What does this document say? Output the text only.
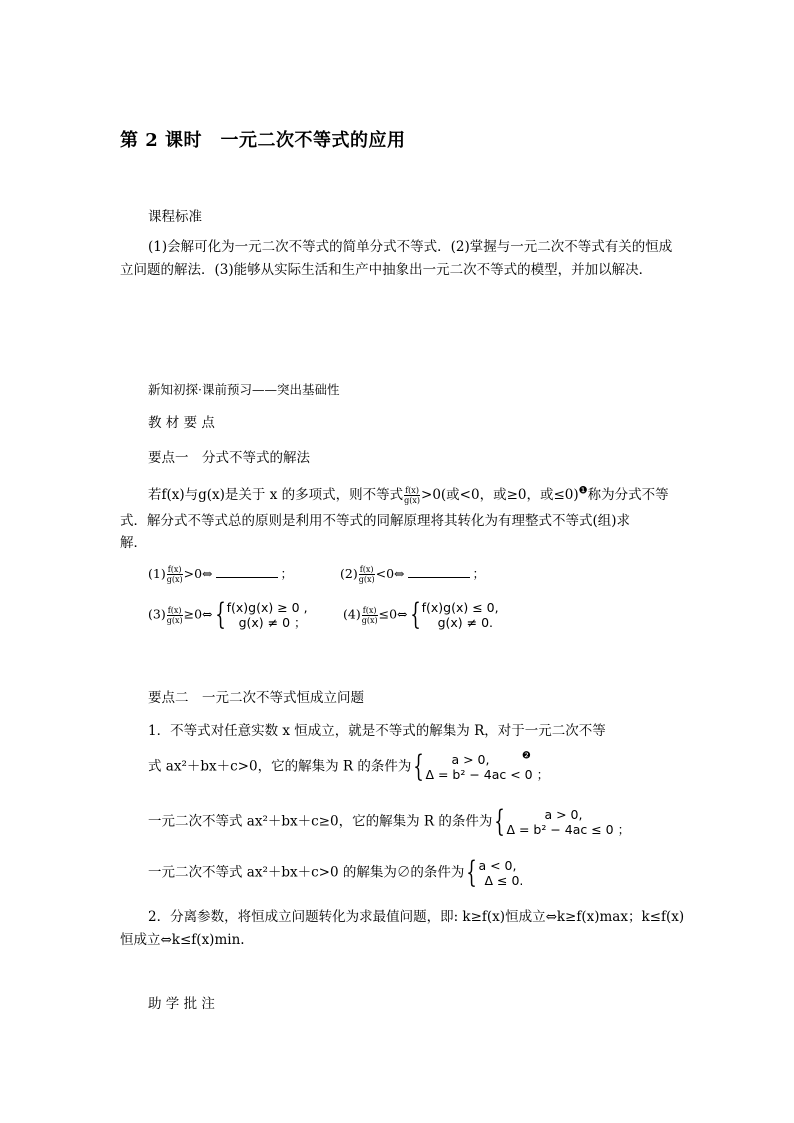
第 2 课时　一元二次不等式的应用
课程标准
(1)会解可化为一元二次不等式的简单分式不等式．(2)掌握与一元二次不等式有关的恒成立问题的解法．(3)能够从实际生活和生产中抽象出一元二次不等式的模型，并加以解决．
新知初探·课前预习——突出基础性
教 材 要 点
要点一　分式不等式的解法
若f(x)与g(x)是关于 x 的多项式，则不等式 $\frac{f(x)}{g(x)} >0$(或<0，或≥0，或≤0)$^❶$称为分式不等
式．解分式不等式总的原则是利用不等式的同解原理将其转化为有理整式不等式(组)求
解．
$(1) \frac{f(x)}{g(x)}$ >0⇔	；	$(2) \frac{f(x)}{g(x)}$ <0⇔	；
$(3) \frac{f(x)}{g(x)}$ ≥0⇔{ f(x)g(x) ≥ 0 ,
g(x) ≠ 0 ；
$(4) \frac{f(x)}{g(x)}$ ≤0⇔{ f(x)g(x) ≤ 0,
g(x) ≠ 0.
要点二　一元二次不等式恒成立问题
1．不等式对任意实数 x 恒成立，就是不等式的解集为 R，对于一元二次不等
式 ax²＋bx＋c>0，它的解集为 R 的条件为{	a > 0,
Δ = b² − 4ac < 0 ；
$^❷$
一元二次不等式 ax²＋bx＋c≥0，它的解集为 R 的条件为{	a > 0,
Δ = b² − 4ac ≤ 0 ；
一元二次不等式 ax²＋bx＋c>0 的解集为∅的条件为{ a < 0,
Δ ≤ 0.
2．分离参数，将恒成立问题转化为求最值问题，即: k≥f(x)恒成立⇔k≥f(x)max；k≤f(x)
恒成立⇔k≤f(x)min.
助 学 批 注
